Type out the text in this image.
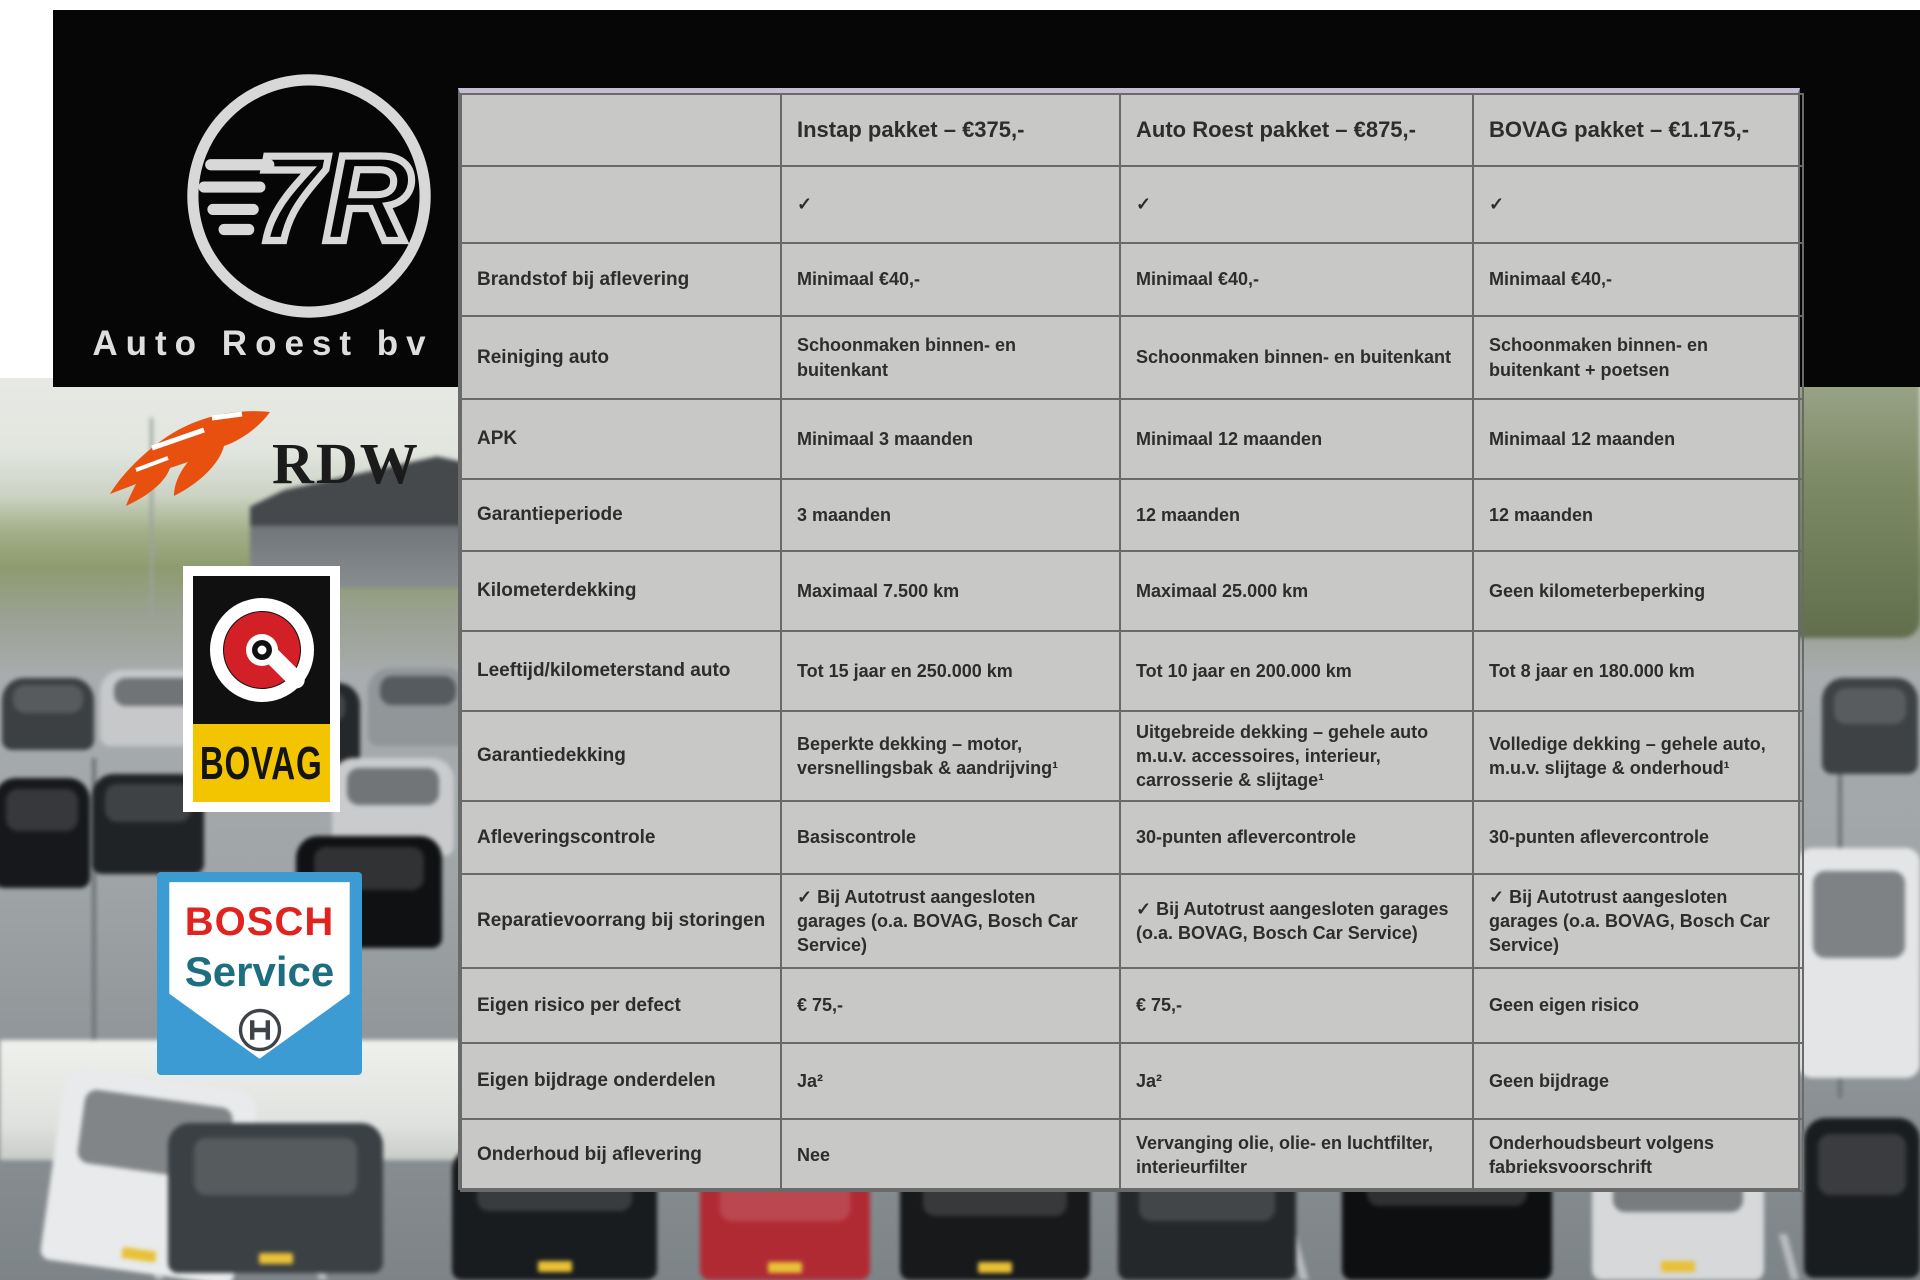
7R
Auto Roest bv
RDW
BOVAG
BOSCH
Service
	Instap pakket – €375,-	Auto Roest pakket – €875,-	BOVAG pakket – €1.175,-
	✓	✓	✓
Brandstof bij aflevering	Minimaal €40,-	Minimaal €40,-	Minimaal €40,-
Reiniging auto	Schoonmaken binnen- en buitenkant	Schoonmaken binnen- en buitenkant	Schoonmaken binnen- en buitenkant + poetsen
APK	Minimaal 3 maanden	Minimaal 12 maanden	Minimaal 12 maanden
Garantieperiode	3 maanden	12 maanden	12 maanden
Kilometerdekking	Maximaal 7.500 km	Maximaal 25.000 km	Geen kilometerbeperking
Leeftijd/kilometerstand auto	Tot 15 jaar en 250.000 km	Tot 10 jaar en 200.000 km	Tot 8 jaar en 180.000 km
Garantiedekking	Beperkte dekking – motor, versnellingsbak & aandrijving¹	Uitgebreide dekking – gehele auto m.u.v. accessoires, interieur, carrosserie & slijtage¹	Volledige dekking – gehele auto, m.u.v. slijtage & onderhoud¹
Afleveringscontrole	Basiscontrole	30-punten aflevercontrole	30-punten aflevercontrole
Reparatievoorrang bij storingen	✓ Bij Autotrust aangesloten garages (o.a. BOVAG, Bosch Car Service)	✓ Bij Autotrust aangesloten garages (o.a. BOVAG, Bosch Car Service)	✓ Bij Autotrust aangesloten garages (o.a. BOVAG, Bosch Car Service)
Eigen risico per defect	€ 75,-	€ 75,-	Geen eigen risico
Eigen bijdrage onderdelen	Ja²	Ja²	Geen bijdrage
Onderhoud bij aflevering	Nee	Vervanging olie, olie- en luchtfilter, interieurfilter	Onderhoudsbeurt volgens fabrieksvoorschrift
